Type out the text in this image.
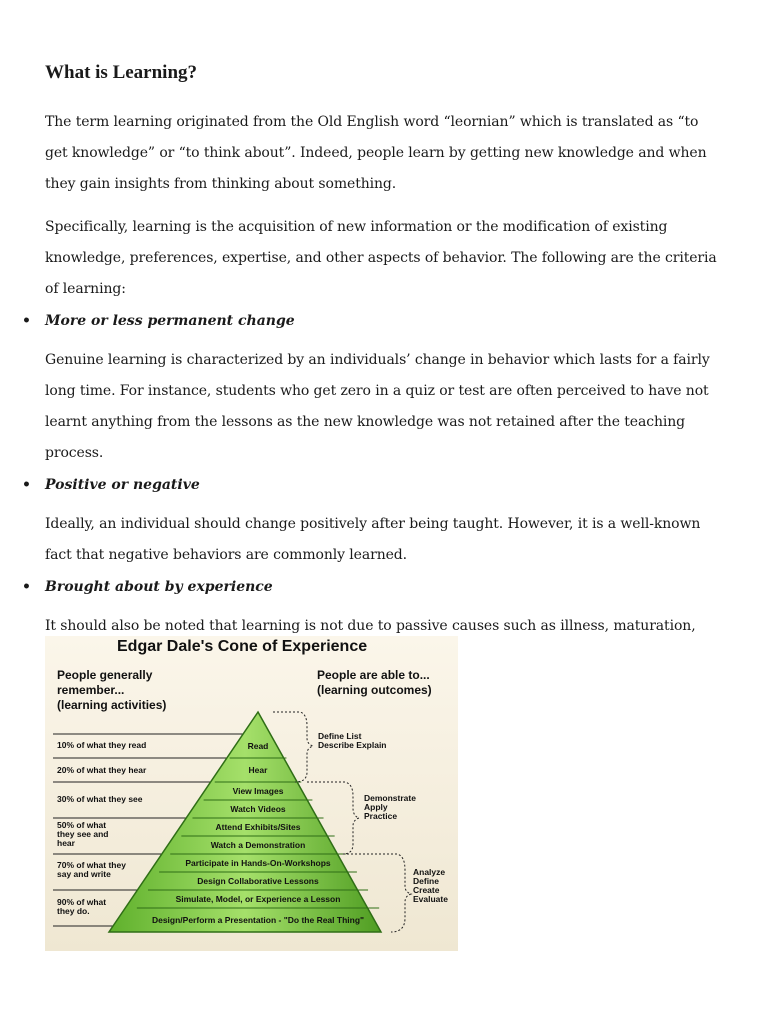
What is Learning?

The term learning originated from the Old English word “leornian” which is translated as “to get knowledge” or “to think about”. Indeed, people learn by getting new knowledge and when they gain insights from thinking about something.

Specifically, learning is the acquisition of new information or the modification of existing knowledge, preferences, expertise, and other aspects of behavior. The following are the criteria of learning:

• More or less permanent change

Genuine learning is characterized by an individuals’ change in behavior which lasts for a fairly long time. For instance, students who get zero in a quiz or test are often perceived to have not learnt anything from the lessons as the new knowledge was not retained after the teaching process.

• Positive or negative

Ideally, an individual should change positively after being taught. However, it is a well-known fact that negative behaviors are commonly learned.

• Brought about by experience

It should also be noted that learning is not due to passive causes such as illness, maturation,

Edgar Dale's Cone of Experience
People generally
remember...
(learning activities)
People are able to...
(learning outcomes)
10% of what they read
20% of what they hear
30% of what they see
50% of what
they see and
hear
70% of what they
say and write
90% of what
they do.
Read
Hear
View Images
Watch Videos
Attend Exhibits/Sites
Watch a Demonstration
Participate in Hands-On-Workshops
Design Collaborative Lessons
Simulate, Model, or Experience a Lesson
Design/Perform a Presentation - "Do the Real Thing"
Define List
Describe Explain
Demonstrate
Apply
Practice
Analyze
Define
Create
Evaluate
